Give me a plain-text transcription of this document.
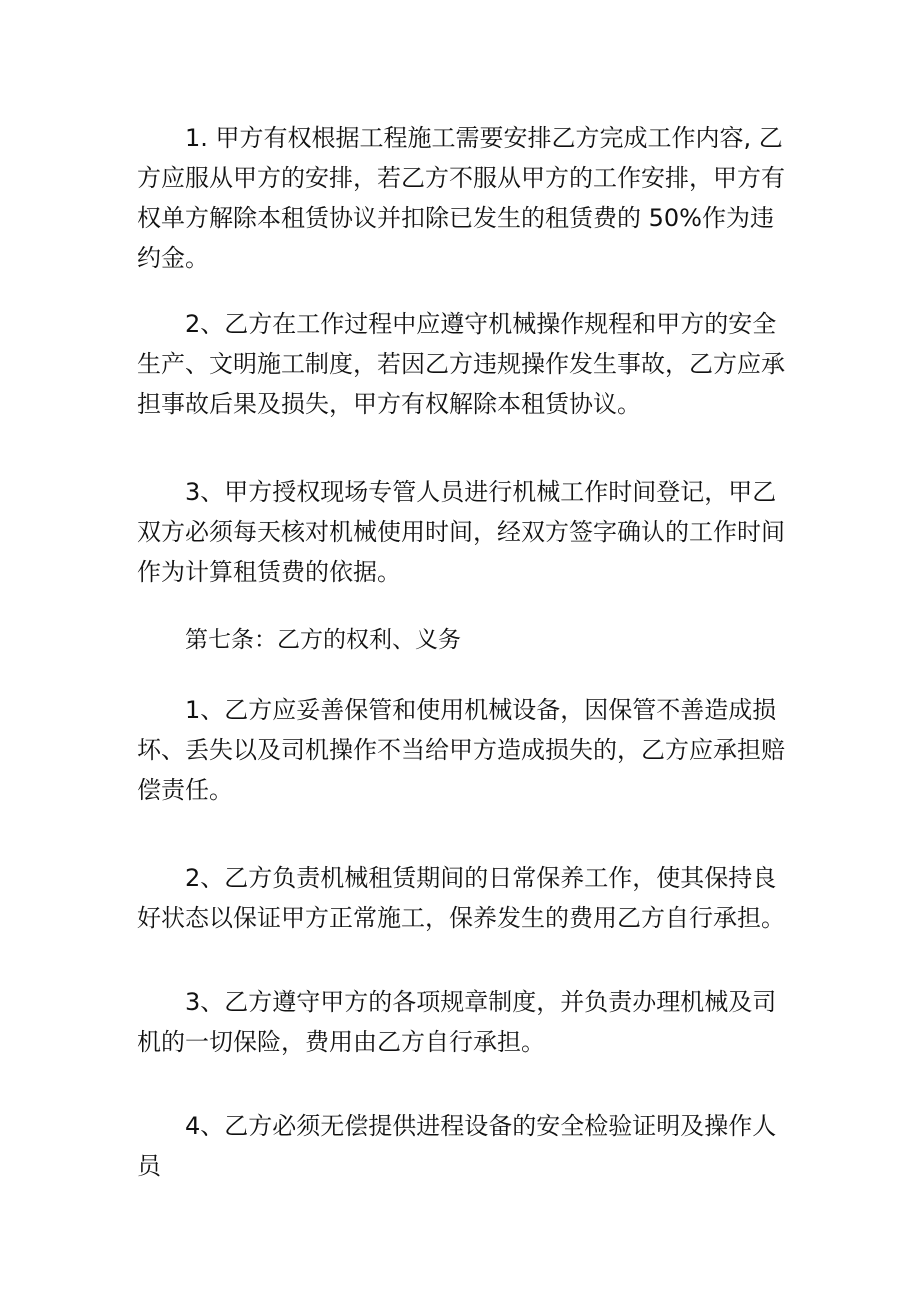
1. 甲方有权根据工程施工需要安排乙方完成工作内容, 乙方应服从甲方的安排，若乙方不服从甲方的工作安排，甲方有权单方解除本租赁协议并扣除已发生的租赁费的 50%作为违约金。

2、乙方在工作过程中应遵守机械操作规程和甲方的安全生产、文明施工制度，若因乙方违规操作发生事故，乙方应承担事故后果及损失，甲方有权解除本租赁协议。

3、甲方授权现场专管人员进行机械工作时间登记，甲乙双方必须每天核对机械使用时间，经双方签字确认的工作时间作为计算租赁费的依据。

第七条：乙方的权利、义务

1、乙方应妥善保管和使用机械设备，因保管不善造成损坏、丢失以及司机操作不当给甲方造成损失的，乙方应承担赔偿责任。

2、乙方负责机械租赁期间的日常保养工作，使其保持良好状态以保证甲方正常施工，保养发生的费用乙方自行承担。

3、乙方遵守甲方的各项规章制度，并负责办理机械及司机的一切保险，费用由乙方自行承担。

4、乙方必须无偿提供进程设备的安全检验证明及操作人员
